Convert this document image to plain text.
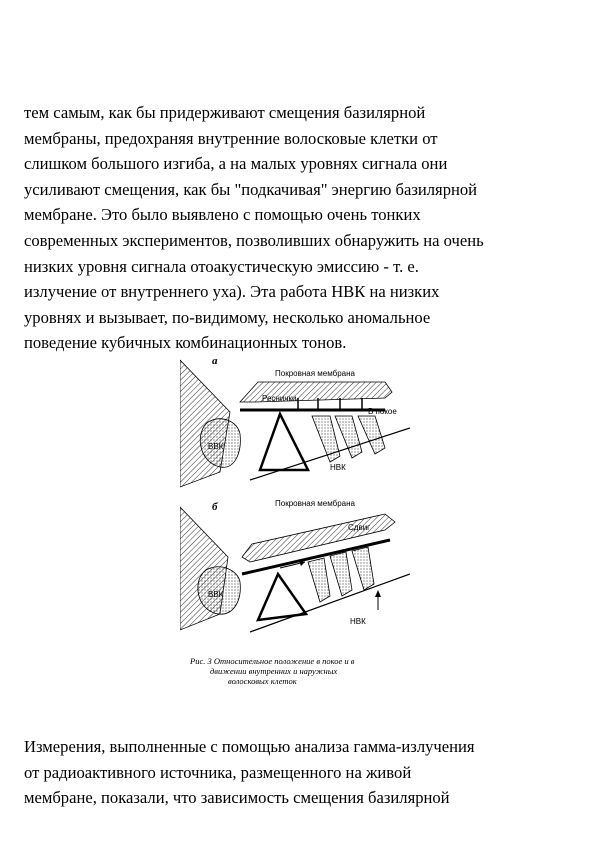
тем самым, как бы придерживают смещения базилярной
мембраны, предохраняя внутренние волосковые клетки от
слишком большого изгиба, а на малых уровнях сигнала они
усиливают смещения, как бы "подкачивая" энергию базилярной
мембране. Это было выявлено с помощью очень тонких
современных экспериментов, позволивших обнаружить на очень
низких уровня сигнала отоакустическую эмиссию - т. е.
излучение от внутреннего уха). Эта работа НВК на низких
уровнях и вызывает, по-видимому, несколько аномальное
поведение кубичных комбинационных тонов.

а
Покровная мембрана
ВВК
Реснички
В покое
НВК
б	Покровная мембрана
ВВК
Сдвиг
НВК
Рис. 3 Относительное положение в покое и в
движении внутренних и наружных
волосковых клеток

Измерения, выполненные с помощью анализа гамма-излучения
от радиоактивного источника, размещенного на живой
мембране, показали, что зависимость смещения базилярной
